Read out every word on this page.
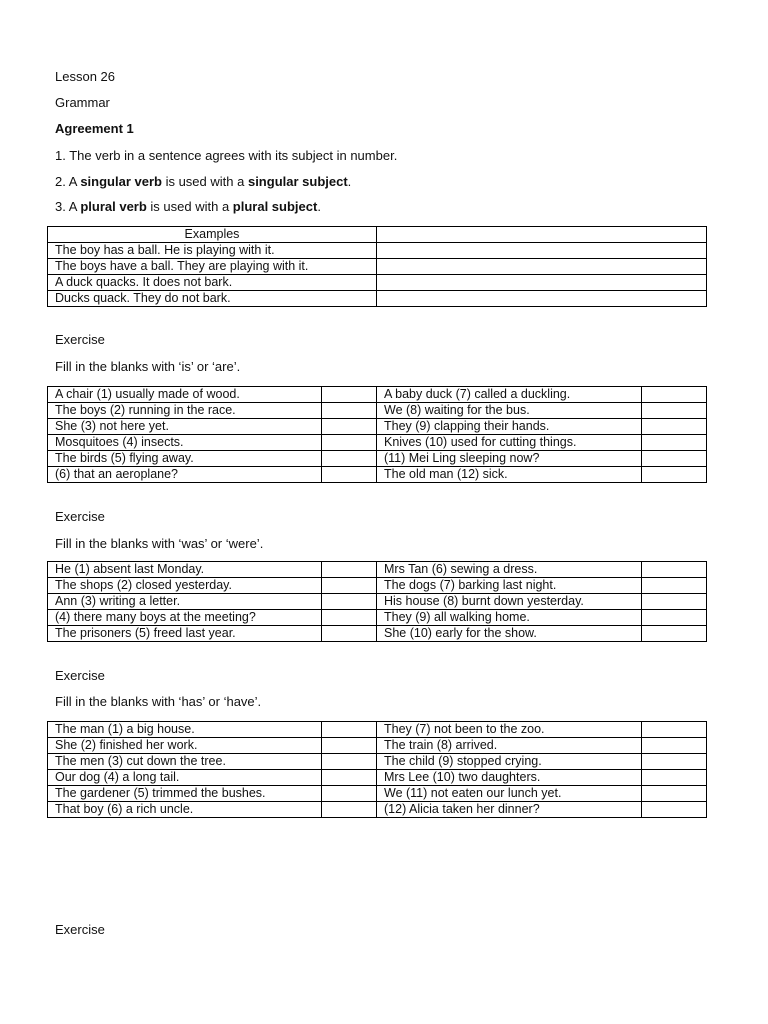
Lesson 26
Grammar
Agreement 1
1. The verb in a sentence agrees with its subject in number.
2. A singular verb is used with a singular subject.
3. A plural verb is used with a plural subject.
Examples	
The boy has a ball. He is playing with it.	
The boys have a ball. They are playing with it.	
A duck quacks. It does not bark.	
Ducks quack. They do not bark.	
Exercise
Fill in the blanks with ‘is’ or ‘are’.
A chair (1) usually made of wood.		A baby duck (7) called a duckling.	
The boys (2) running in the race.		We (8) waiting for the bus.	
She (3) not here yet.		They (9) clapping their hands.	
Mosquitoes (4) insects.		Knives (10) used for cutting things.	
The birds (5) flying away.		(11) Mei Ling sleeping now?	
(6) that an aeroplane?		The old man (12) sick.	
Exercise
Fill in the blanks with ‘was’ or ‘were’.
He (1) absent last Monday.		Mrs Tan (6) sewing a dress.	
The shops (2) closed yesterday.		The dogs (7) barking last night.	
Ann (3) writing a letter.		His house (8) burnt down yesterday.	
(4) there many boys at the meeting?		They (9) all walking home.	
The prisoners (5) freed last year.		She (10) early for the show.	
Exercise
Fill in the blanks with ‘has’ or ‘have’.
The man (1) a big house.		They (7) not been to the zoo.	
She (2) finished her work.		The train (8) arrived.	
The men (3) cut down the tree.		The child (9) stopped crying.	
Our dog (4) a long tail.		Mrs Lee (10) two daughters.	
The gardener (5) trimmed the bushes.		We (11) not eaten our lunch yet.	
That boy (6) a rich uncle.		(12) Alicia taken her dinner?	
Exercise
